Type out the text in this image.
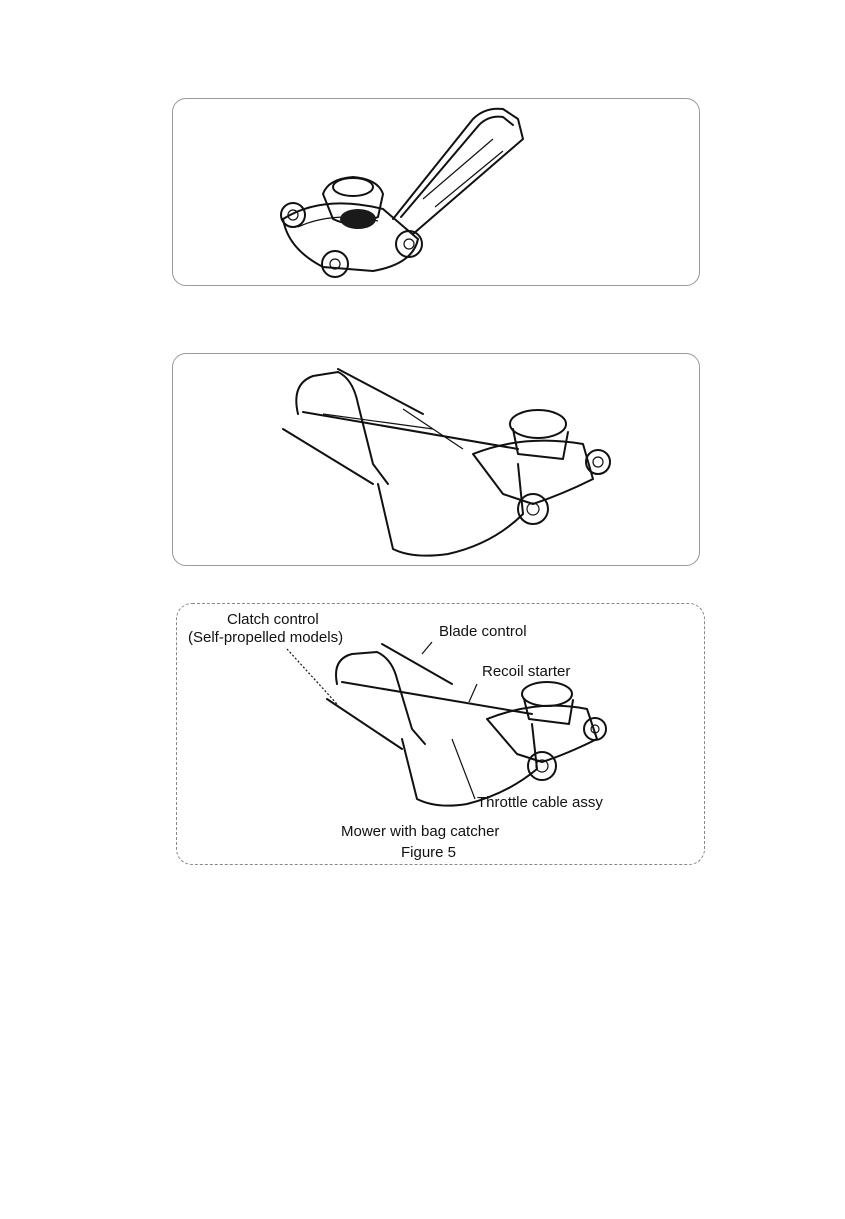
Clatch control
(Self-propelled models)	Blade control
Recoil starter
Throttle cable assy
Mower with bag catcher
Figure 5
